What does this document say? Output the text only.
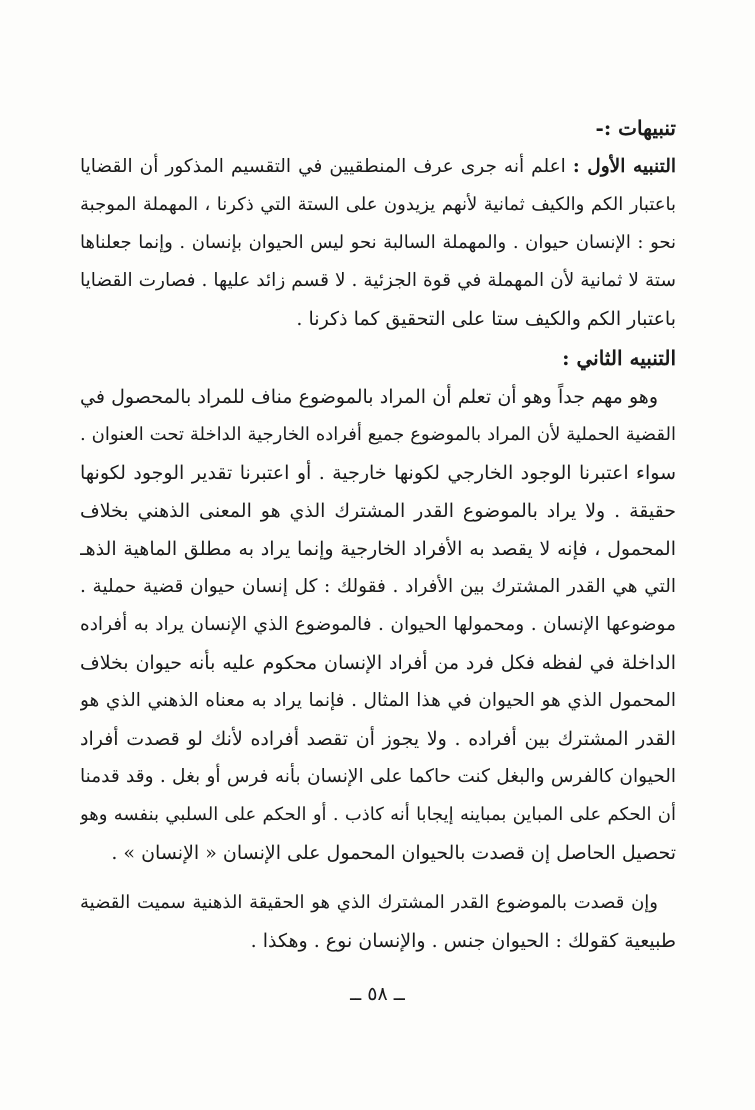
تنبيهات :-
التنبيه الأول : اعلم أنه جرى عرف المنطقيين في التقسيم المذكور أن القضايا
باعتبار الكم والكيف ثمانية لأنهم يزيدون على الستة التي ذكرنا ، المهملة الموجبة
نحو : الإنسان حيوان . والمهملة السالبة نحو ليس الحيوان بإنسان . وإنما جعلناها
ستة لا ثمانية لأن المهملة في قوة الجزئية . لا قسم زائد عليها . فصارت القضايا
باعتبار الكم والكيف ستا على التحقيق كما ذكرنا .
التنبيه الثاني :
وهو مهم جداً وهو أن تعلم أن المراد بالموضوع مناف للمراد بالمحصول في
القضية الحملية لأن المراد بالموضوع جميع أفراده الخارجية الداخلة تحت العنوان .
سواء اعتبرنا الوجود الخارجي لكونها خارجية . أو اعتبرنا تقدير الوجود لكونها
حقيقة . ولا يراد بالموضوع القدر المشترك الذي هو المعنى الذهني بخلاف
المحمول ، فإنه لا يقصد به الأفراد الخارجية وإنما يراد به مطلق الماهية الذهـ
التي هي القدر المشترك بين الأفراد . فقولك : كل إنسان حيوان قضية حملية .
موضوعها الإنسان . ومحمولها الحيوان . فالموضوع الذي الإنسان يراد به أفراده
الداخلة في لفظه فكل فرد من أفراد الإنسان محكوم عليه بأنه حيوان بخلاف
المحمول الذي هو الحيوان في هذا المثال . فإنما يراد به معناه الذهني الذي هو
القدر المشترك بين أفراده . ولا يجوز أن تقصد أفراده لأنك لو قصدت أفراد
الحيوان كالفرس والبغل كنت حاكما على الإنسان بأنه فرس أو بغل . وقد قدمنا
أن الحكم على المباين بمباينه إيجابا أنه كاذب . أو الحكم على السلبي بنفسه وهو
تحصيل الحاصل إن قصدت بالحيوان المحمول على الإنسان « الإنسان » .
وإن قصدت بالموضوع القدر المشترك الذي هو الحقيقة الذهنية سميت القضية
طبيعية كقولك : الحيوان جنس . والإنسان نوع . وهكذا .
ــ ٥٨ ــ
